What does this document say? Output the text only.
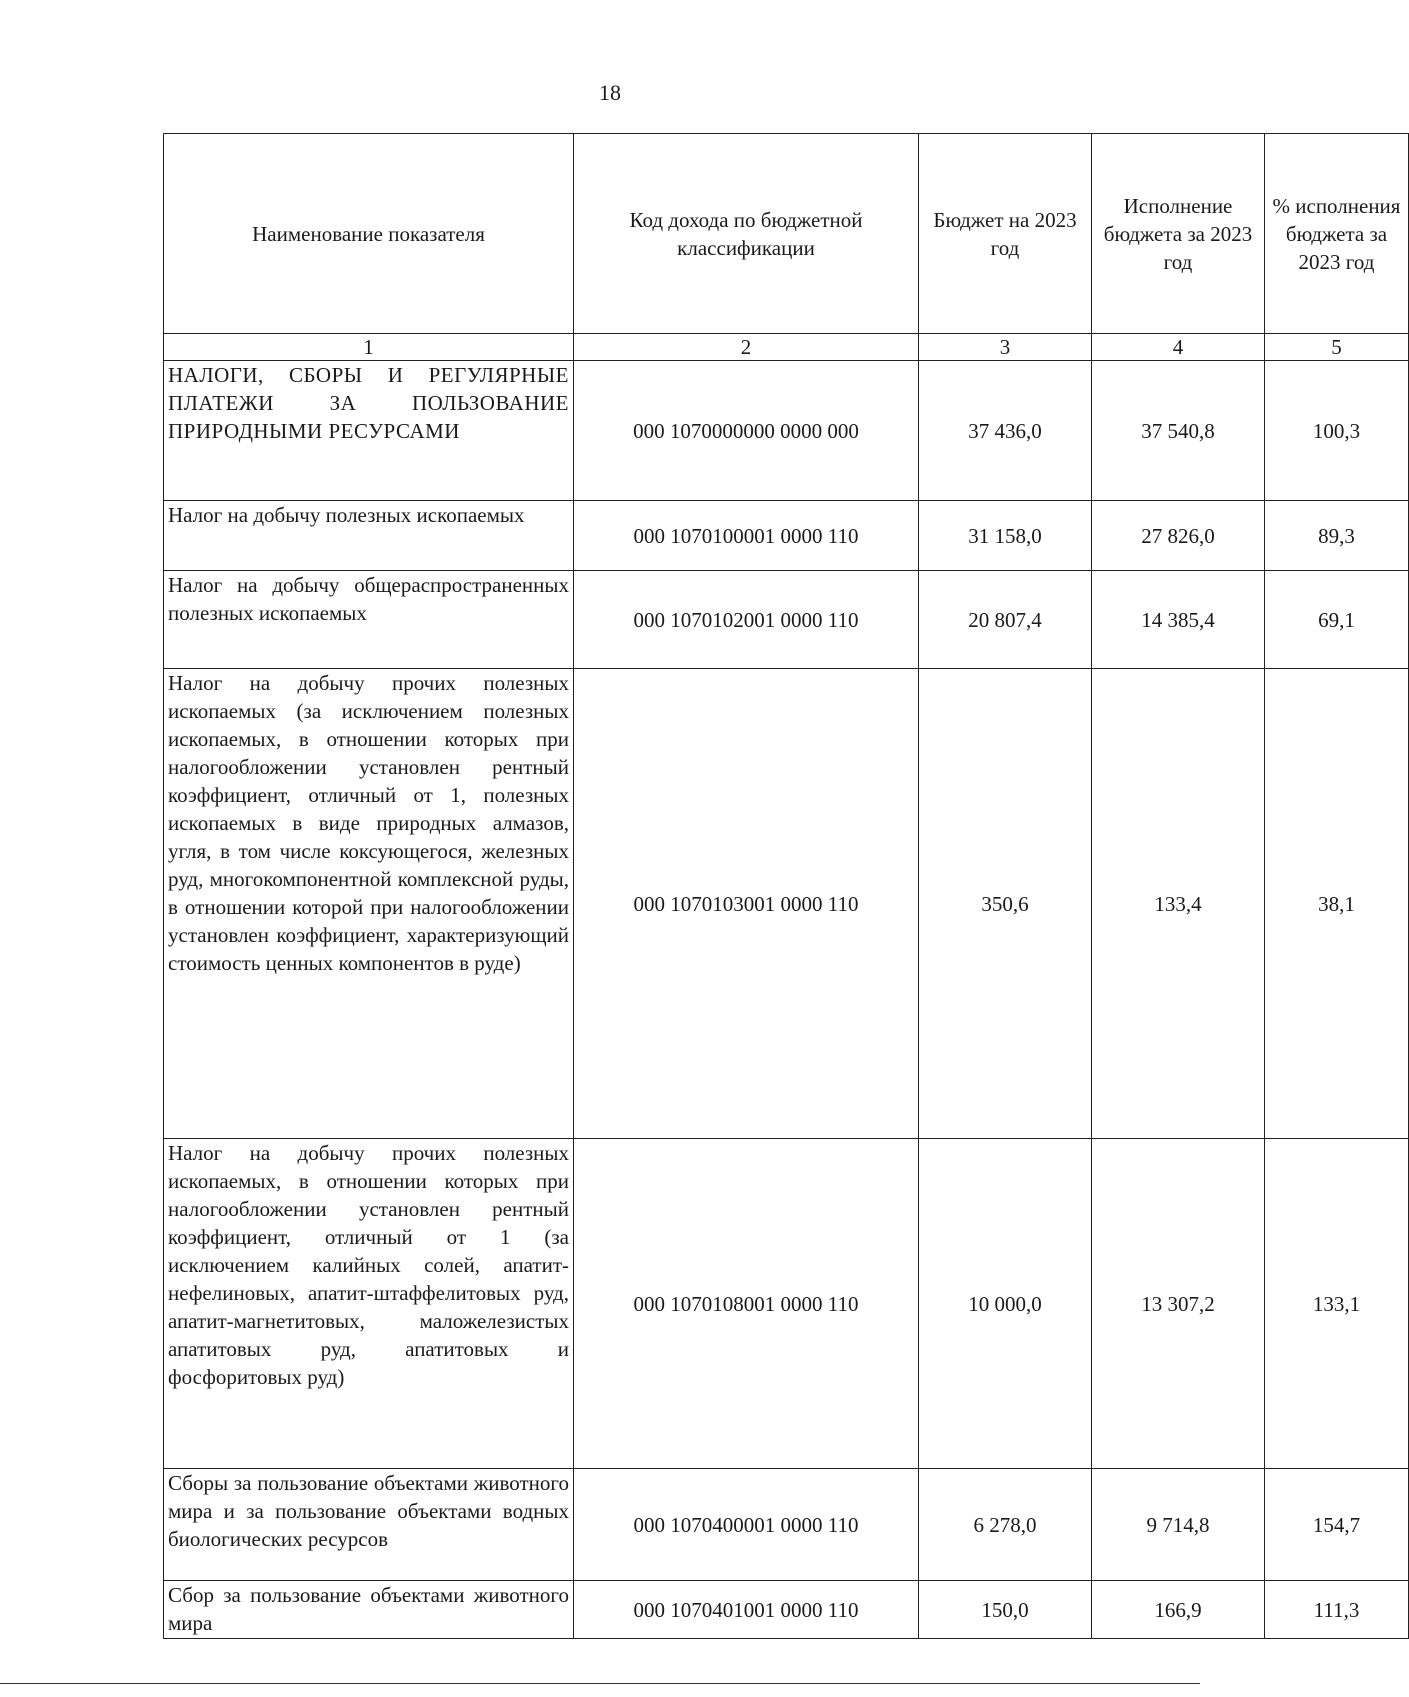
18
Наименование показателя	Код дохода по бюджетной классификации	Бюджет на 2023 год	Исполнение бюджета за 2023 год	% исполнения бюджета за 2023 год
1	2	3	4	5
НАЛОГИ, СБОРЫ И РЕГУЛЯРНЫЕ ПЛАТЕЖИ ЗА ПОЛЬЗОВАНИЕ ПРИРОДНЫМИ РЕСУРСАМИ	000 1070000000 0000 000	37 436,0	37 540,8	100,3
Налог на добычу полезных ископаемых	000 1070100001 0000 110	31 158,0	27 826,0	89,3
Налог на добычу общераспространенных полезных ископаемых	000 1070102001 0000 110	20 807,4	14 385,4	69,1
Налог на добычу прочих полезных ископаемых (за исключением полезных ископаемых, в отношении которых при налогообложении установлен рентный коэффициент, отличный от 1, полезных ископаемых в виде природных алмазов, угля, в том числе коксующегося, железных руд, многокомпонентной комплексной руды, в отношении которой при налогообложении установлен коэффициент, характеризующий стоимость ценных компонентов в руде)	000 1070103001 0000 110	350,6	133,4	38,1
Налог на добычу прочих полезных ископаемых, в отношении которых при налогообложении установлен рентный коэффициент, отличный от 1 (за исключением калийных солей, апатит-нефелиновых, апатит-штаффелитовых руд, апатит-магнетитовых, маложелезистых апатитовых руд, апатитовых и фосфоритовых руд)	000 1070108001 0000 110	10 000,0	13 307,2	133,1
Сборы за пользование объектами животного мира и за пользование объектами водных биологических ресурсов	000 1070400001 0000 110	6 278,0	9 714,8	154,7
Сбор за пользование объектами животного мира	000 1070401001 0000 110	150,0	166,9	111,3
